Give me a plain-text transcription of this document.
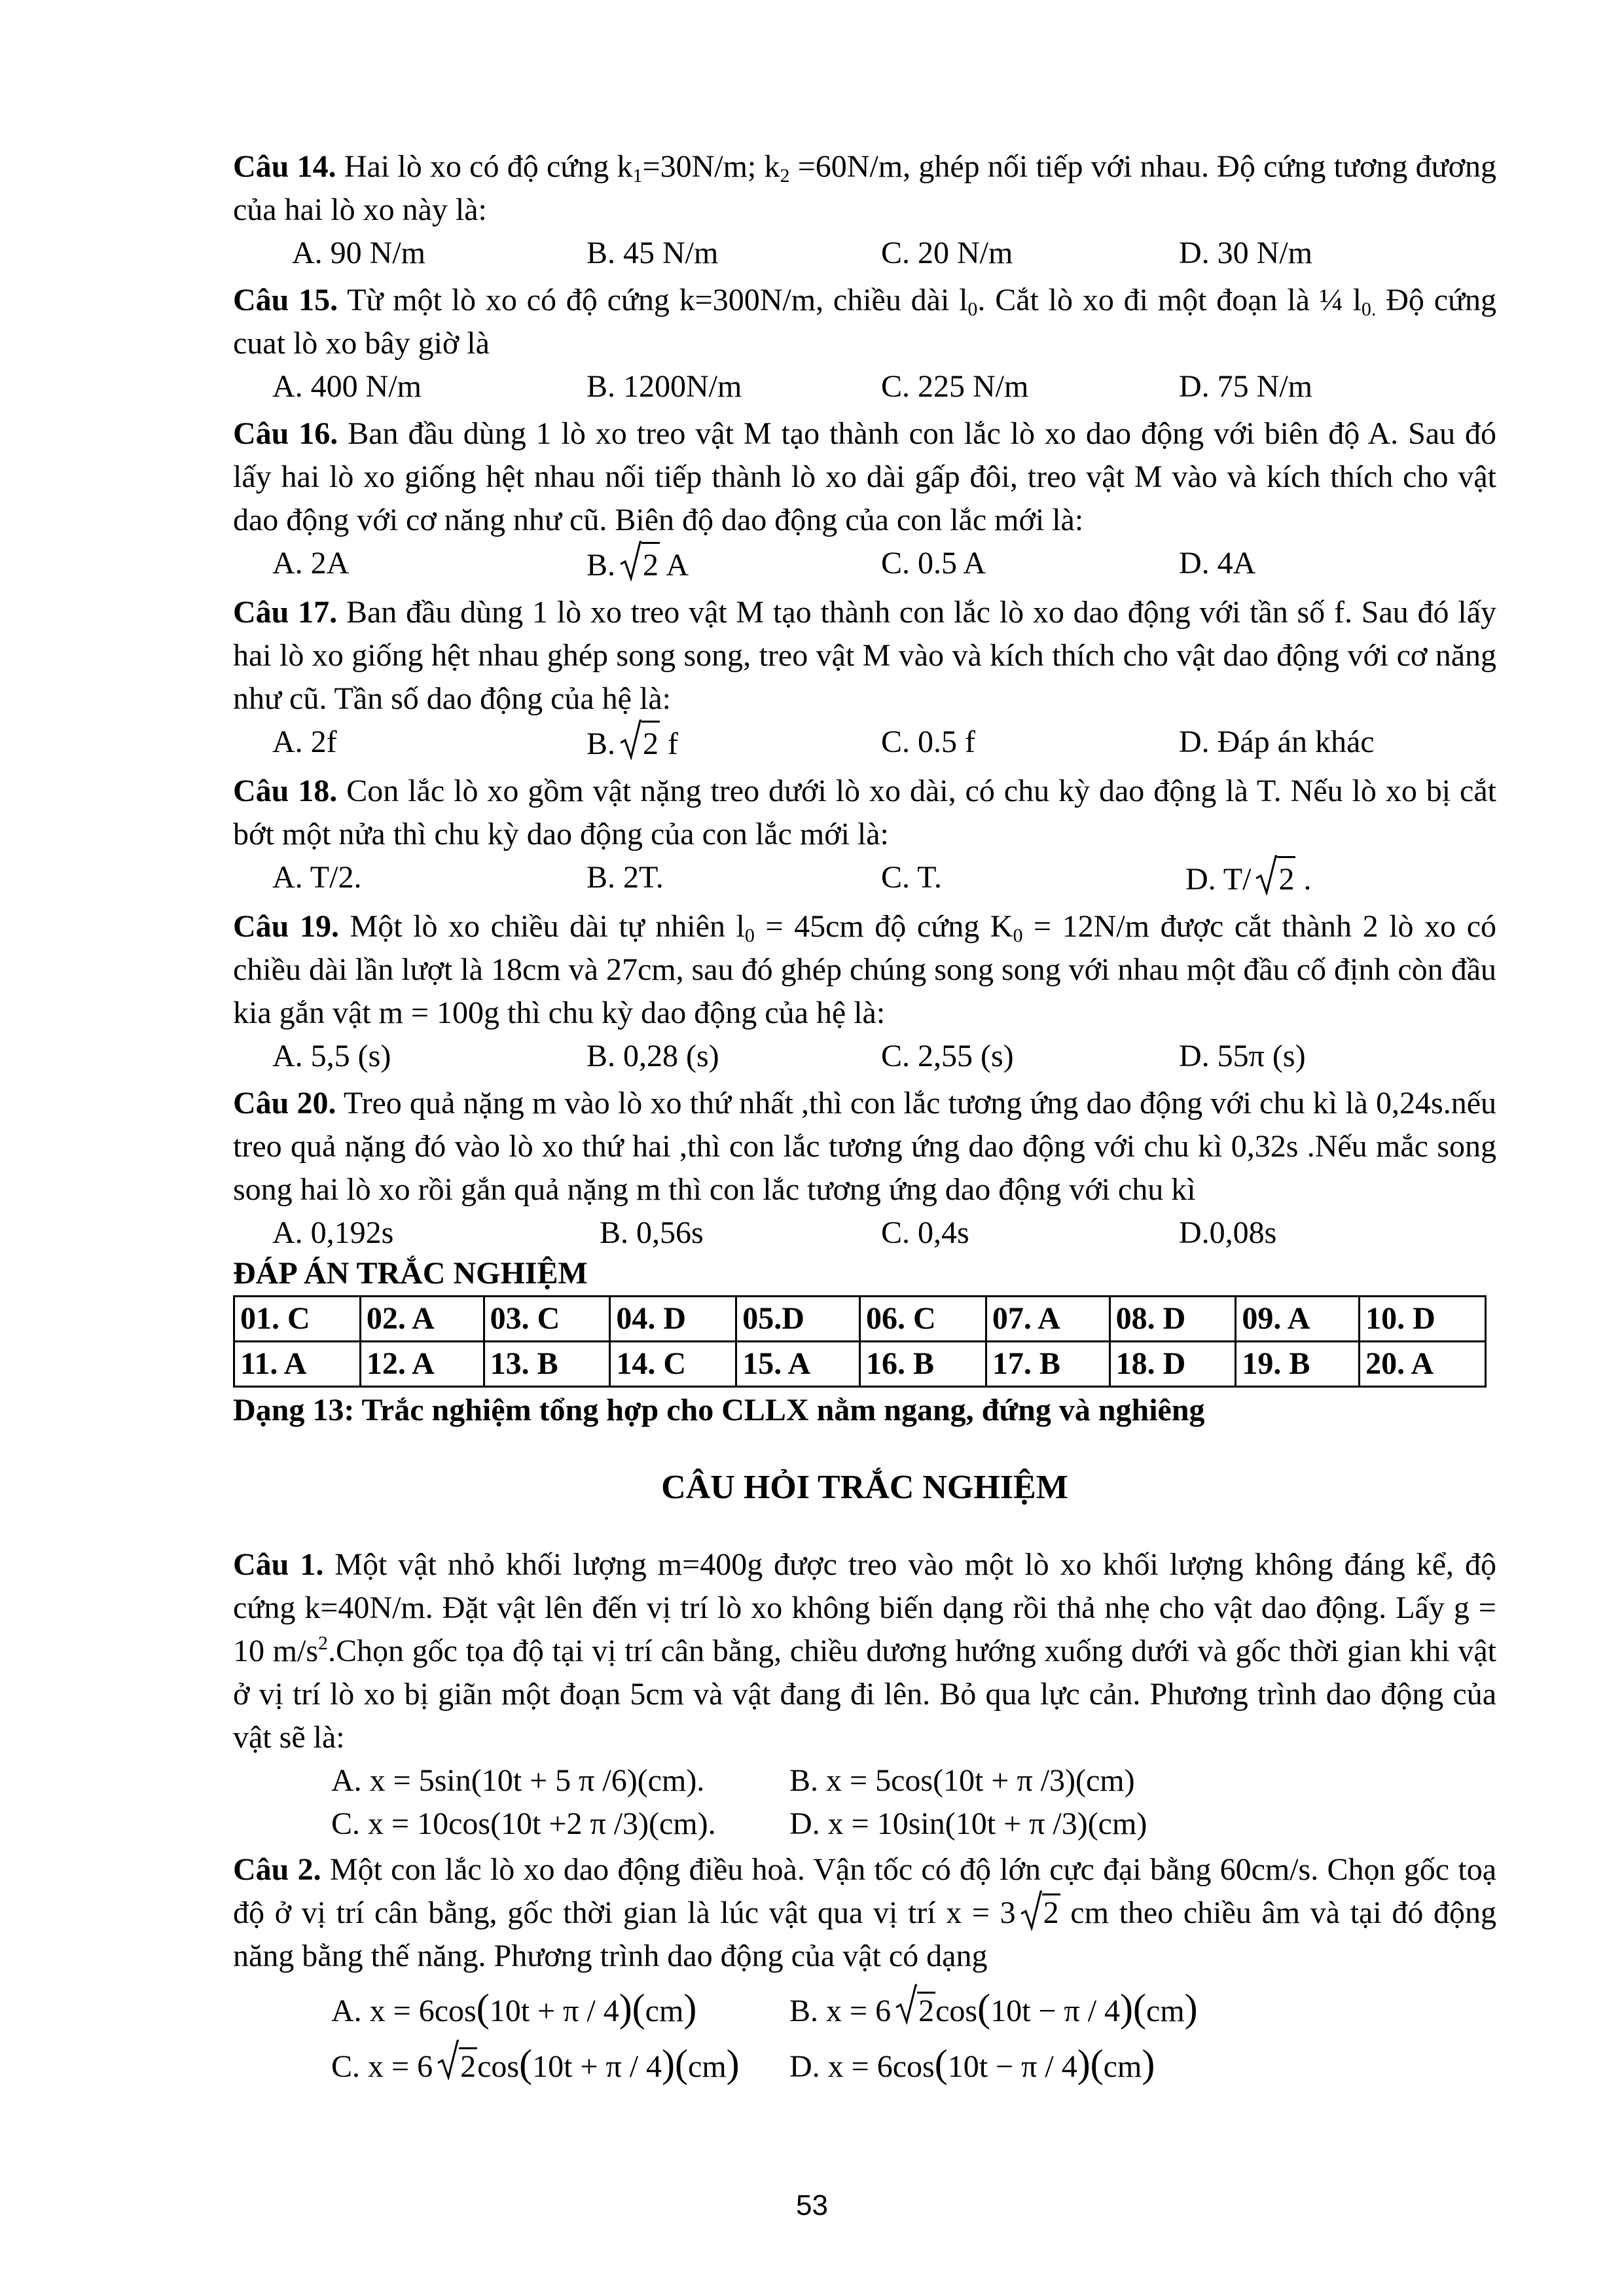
Câu 14. Hai lò xo có độ cứng $k_1=30N/m$; $k_2 =60N/m$, ghép nối tiếp với nhau. Độ cứng tương đương của hai lò xo này là:

A. 90 N/m	B. 45 N/m	C. 20 N/m	D. 30 N/m

Câu 15. Từ một lò xo có độ cứng k=300N/m, chiều dài $l_0$. Cắt lò xo đi một đoạn là ¼ $l_{0.}$ Độ cứng cuat lò xo bây giờ là

A. 400 N/m	B. 1200N/m	C. 225 N/m	D. 75 N/m

Câu 16. Ban đầu dùng 1 lò xo treo vật M tạo thành con lắc lò xo dao động với biên độ A. Sau đó lấy hai lò xo giống hệt nhau nối tiếp thành lò xo dài gấp đôi, treo vật M vào và kích thích cho vật dao động với cơ năng như cũ. Biên độ dao động của con lắc mới là:

A. 2A	B. 2 A	C. 0.5 A	D. 4A

Câu 17. Ban đầu dùng 1 lò xo treo vật M tạo thành con lắc lò xo dao động với tần số f. Sau đó lấy hai lò xo giống hệt nhau ghép song song, treo vật M vào và kích thích cho vật dao động với cơ năng như cũ. Tần số dao động của hệ là:

A. 2f	B. 2 f	C. 0.5 f	D. Đáp án khác

Câu 18. Con lắc lò xo gồm vật nặng treo dưới lò xo dài, có chu kỳ dao động là T. Nếu lò xo bị cắt bớt một nửa thì chu kỳ dao động của con lắc mới là:

A. T/2.	B. 2T.	C. T.	D. T/ 2 .

Câu 19. Một lò xo chiều dài tự nhiên $l_0 = 45cm$ độ cứng $K_0 = 12N/m$ được cắt thành 2 lò xo có chiều dài lần lượt là 18cm và 27cm, sau đó ghép chúng song song với nhau một đầu cố định còn đầu kia gắn vật m = 100g thì chu kỳ dao động của hệ là:

A. 5,5 (s)	B. 0,28 (s)	C. 2,55 (s)	D. 55π (s)

Câu 20. Treo quả nặng m vào lò xo thứ nhất ,thì con lắc tương ứng dao động với chu kì là 0,24s.nếu treo quả nặng đó vào lò xo thứ hai ,thì con lắc tương ứng dao động với chu kì 0,32s .Nếu mắc song song hai lò xo rồi gắn quả nặng m thì con lắc tương ứng dao động với chu kì

A. 0,192s	B. 0,56s	C. 0,4s	D.0,08s

ĐÁP ÁN TRẮC NGHIỆM

01. C	02. A	03. C	04. D	05.D	06. C	07. A	08. D	09. A	10. D
11. A	12. A	13. B	14. C	15. A	16. B	17. B	18. D	19. B	20. A

Dạng 13: Trắc nghiệm tổng hợp cho CLLX nằm ngang, đứng và nghiêng

CÂU HỎI TRẮC NGHIỆM

Câu 1. Một vật nhỏ khối lượng m=400g được treo vào một lò xo khối lượng không đáng kể, độ cứng k=40N/m. Đặt vật lên đến vị trí lò xo không biến dạng rồi thả nhẹ cho vật dao động. Lấy g = 10 $m/s^2.Chọn$ gốc tọa độ tại vị trí cân bằng, chiều dương hướng xuống dưới và gốc thời gian khi vật ở vị trí lò xo bị giãn một đoạn 5cm và vật đang đi lên. Bỏ qua lực cản. Phương trình dao động của vật sẽ là:

A. x = 5sin(10t + 5 π /6)(cm).	B. x = 5cos(10t + π /3)(cm)
C. x = 10cos(10t +2 π /3)(cm).	D. x = 10sin(10t + π /3)(cm)

Câu 2. Một con lắc lò xo dao động điều hoà. Vận tốc có độ lớn cực đại bằng 60cm/s. Chọn gốc toạ độ ở vị trí cân bằng, gốc thời gian là lúc vật qua vị trí x = 3 2 cm theo chiều âm và tại đó động năng bằng thế năng. Phương trình dao động của vật có dạng

A. x = 6cos(10t + π / 4)(cm)	B. x = 6 2cos(10t − π / 4)(cm)
C. x = 6 2cos(10t + π / 4)(cm)	D. x = 6cos(10t − π / 4)(cm)
53
